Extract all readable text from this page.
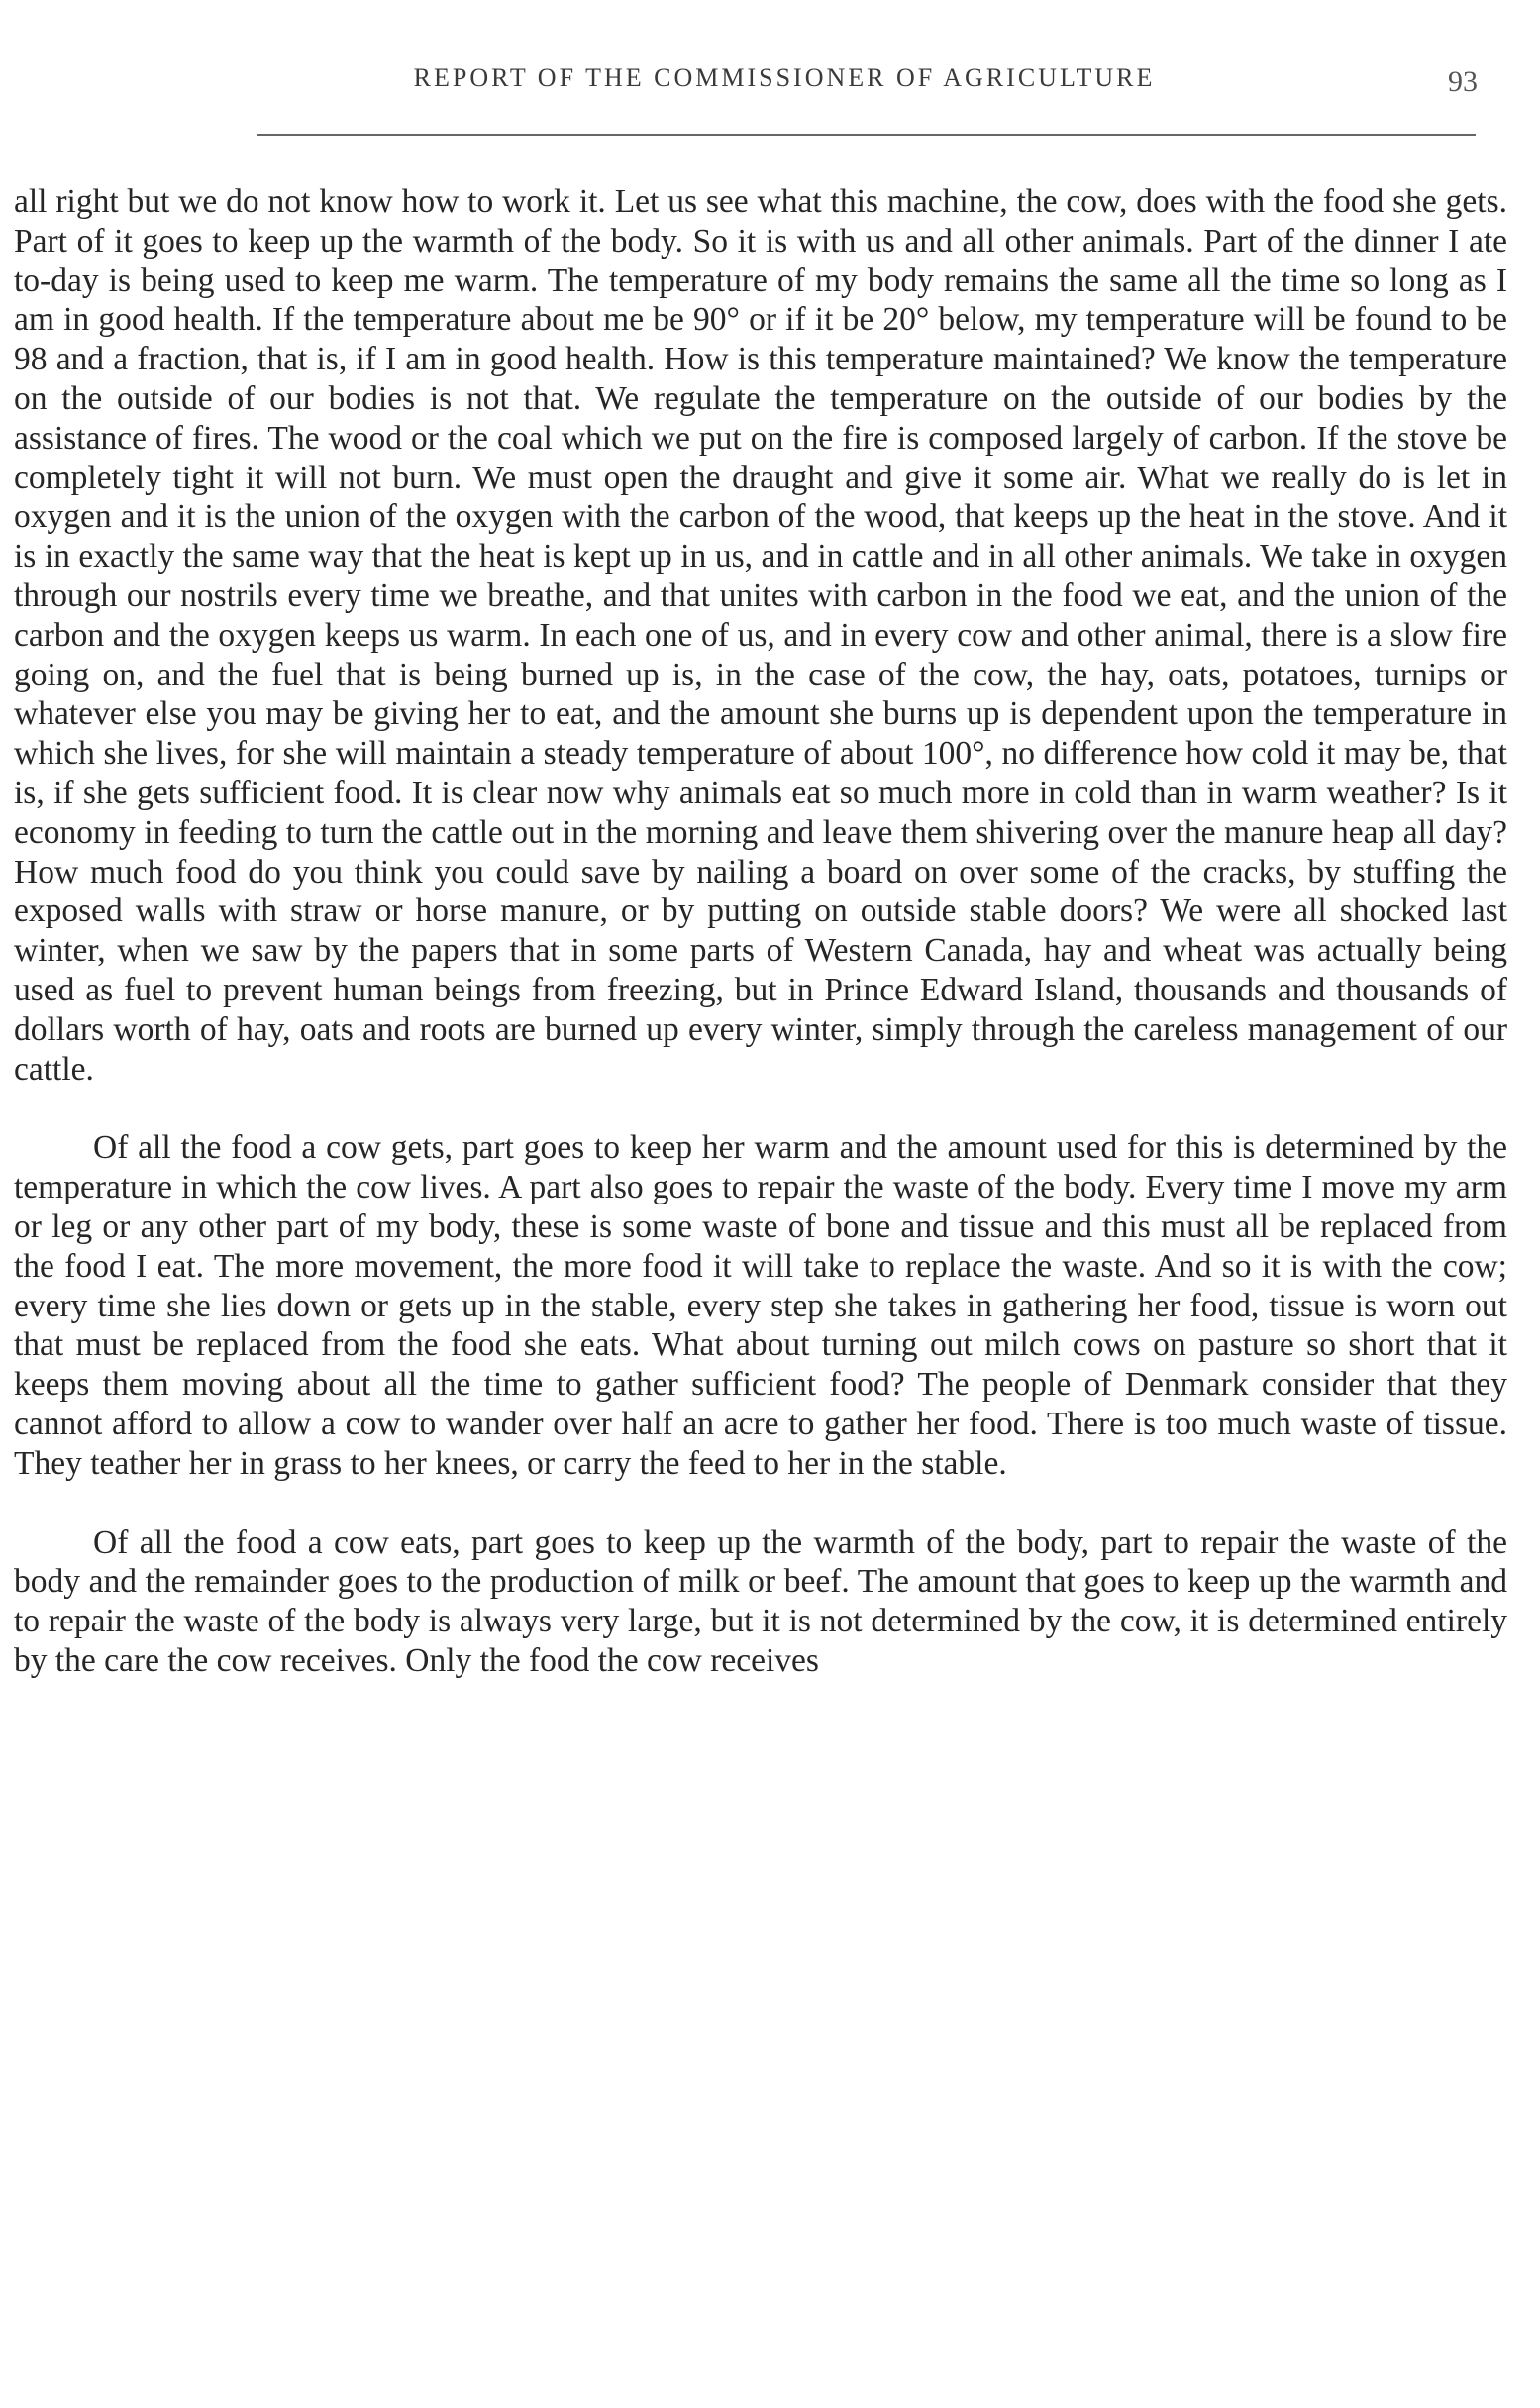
REPORT OF THE COMMISSIONER OF AGRICULTURE	93

all right but we do not know how to work it. Let us see what this machine, the cow, does with the food she gets. Part of it goes to keep up the warmth of the body. So it is with us and all other animals. Part of the dinner I ate to-day is being used to keep me warm. The temperature of my body remains the same all the time so long as I am in good health. If the temperature about me be 90° or if it be 20° below, my temperature will be found to be 98 and a fraction, that is, if I am in good health. How is this temperature maintained? We know the temperature on the outside of our bodies is not that. We regulate the temperature on the outside of our bodies by the assistance of fires. The wood or the coal which we put on the fire is composed largely of carbon. If the stove be completely tight it will not burn. We must open the draught and give it some air. What we really do is let in oxygen and it is the union of the oxygen with the carbon of the wood, that keeps up the heat in the stove. And it is in exactly the same way that the heat is kept up in us, and in cattle and in all other animals. We take in oxygen through our nostrils every time we breathe, and that unites with carbon in the food we eat, and the union of the carbon and the oxygen keeps us warm. In each one of us, and in every cow and other animal, there is a slow fire going on, and the fuel that is being burned up is, in the case of the cow, the hay, oats, potatoes, turnips or whatever else you may be giving her to eat, and the amount she burns up is dependent upon the temperature in which she lives, for she will maintain a steady temperature of about 100°, no difference how cold it may be, that is, if she gets sufficient food. It is clear now why animals eat so much more in cold than in warm weather? Is it economy in feeding to turn the cattle out in the morning and leave them shivering over the manure heap all day? How much food do you think you could save by nailing a board on over some of the cracks, by stuffing the exposed walls with straw or horse manure, or by putting on outside stable doors? We were all shocked last winter, when we saw by the papers that in some parts of Western Canada, hay and wheat was actually being used as fuel to prevent human beings from freezing, but in Prince Edward Island, thousands and thousands of dollars worth of hay, oats and roots are burned up every winter, simply through the careless management of our cattle.

Of all the food a cow gets, part goes to keep her warm and the amount used for this is determined by the temperature in which the cow lives. A part also goes to repair the waste of the body. Every time I move my arm or leg or any other part of my body, these is some waste of bone and tissue and this must all be replaced from the food I eat. The more movement, the more food it will take to replace the waste. And so it is with the cow; every time she lies down or gets up in the stable, every step she takes in gathering her food, tissue is worn out that must be replaced from the food she eats. What about turning out milch cows on pasture so short that it keeps them moving about all the time to gather sufficient food? The people of Denmark consider that they cannot afford to allow a cow to wander over half an acre to gather her food. There is too much waste of tissue. They teather her in grass to her knees, or carry the feed to her in the stable.

Of all the food a cow eats, part goes to keep up the warmth of the body, part to repair the waste of the body and the remainder goes to the production of milk or beef. The amount that goes to keep up the warmth and to repair the waste of the body is always very large, but it is not determined by the cow, it is determined entirely by the care the cow receives. Only the food the cow receives
